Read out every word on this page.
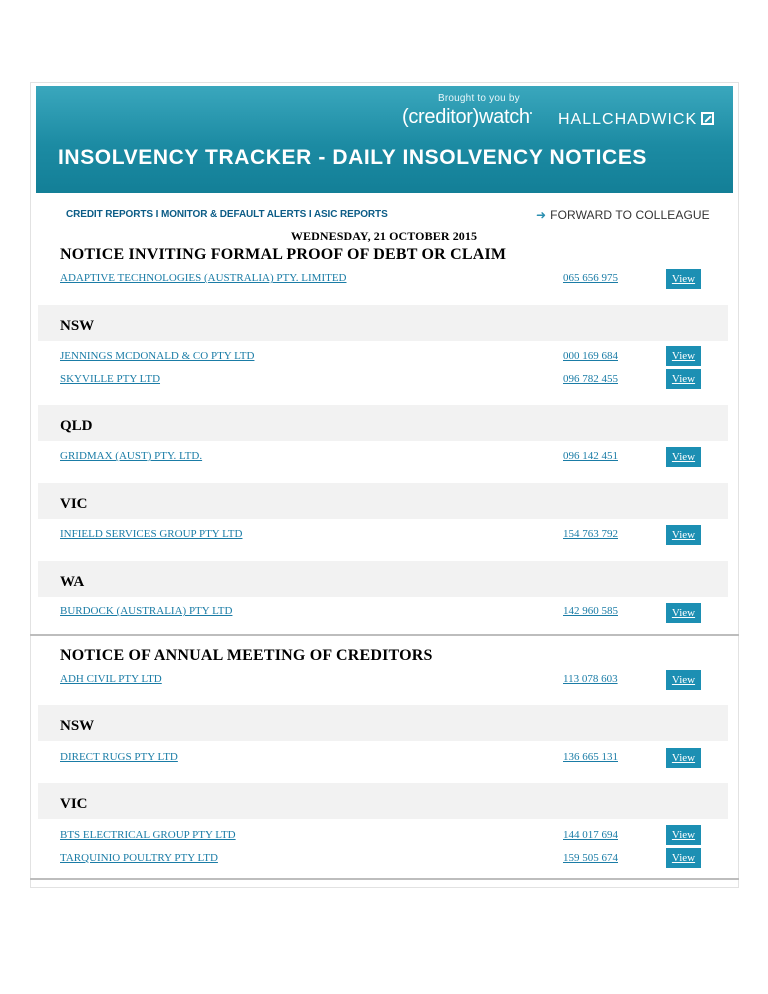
Brought to you by
(creditor)watch• HALLCHADWICK
INSOLVENCY TRACKER - DAILY INSOLVENCY NOTICES
CREDIT REPORTS I MONITOR & DEFAULT ALERTS I ASIC REPORTS	➜ FORWARD TO COLLEAGUE
WEDNESDAY, 21 OCTOBER 2015
NOTICE INVITING FORMAL PROOF OF DEBT OR CLAIM
ADAPTIVE TECHNOLOGIES (AUSTRALIA) PTY. LIMITED	065 656 975	View
NSW
JENNINGS MCDONALD & CO PTY LTD	000 169 684	View
SKYVILLE PTY LTD	096 782 455	View
QLD
GRIDMAX (AUST) PTY. LTD.	096 142 451	View
VIC
INFIELD SERVICES GROUP PTY LTD	154 763 792	View
WA
BURDOCK (AUSTRALIA) PTY LTD	142 960 585	View
NOTICE OF ANNUAL MEETING OF CREDITORS
ADH CIVIL PTY LTD	113 078 603	View
NSW
DIRECT RUGS PTY LTD	136 665 131	View
VIC
BTS ELECTRICAL GROUP PTY LTD	144 017 694	View
TARQUINIO POULTRY PTY LTD	159 505 674	View
